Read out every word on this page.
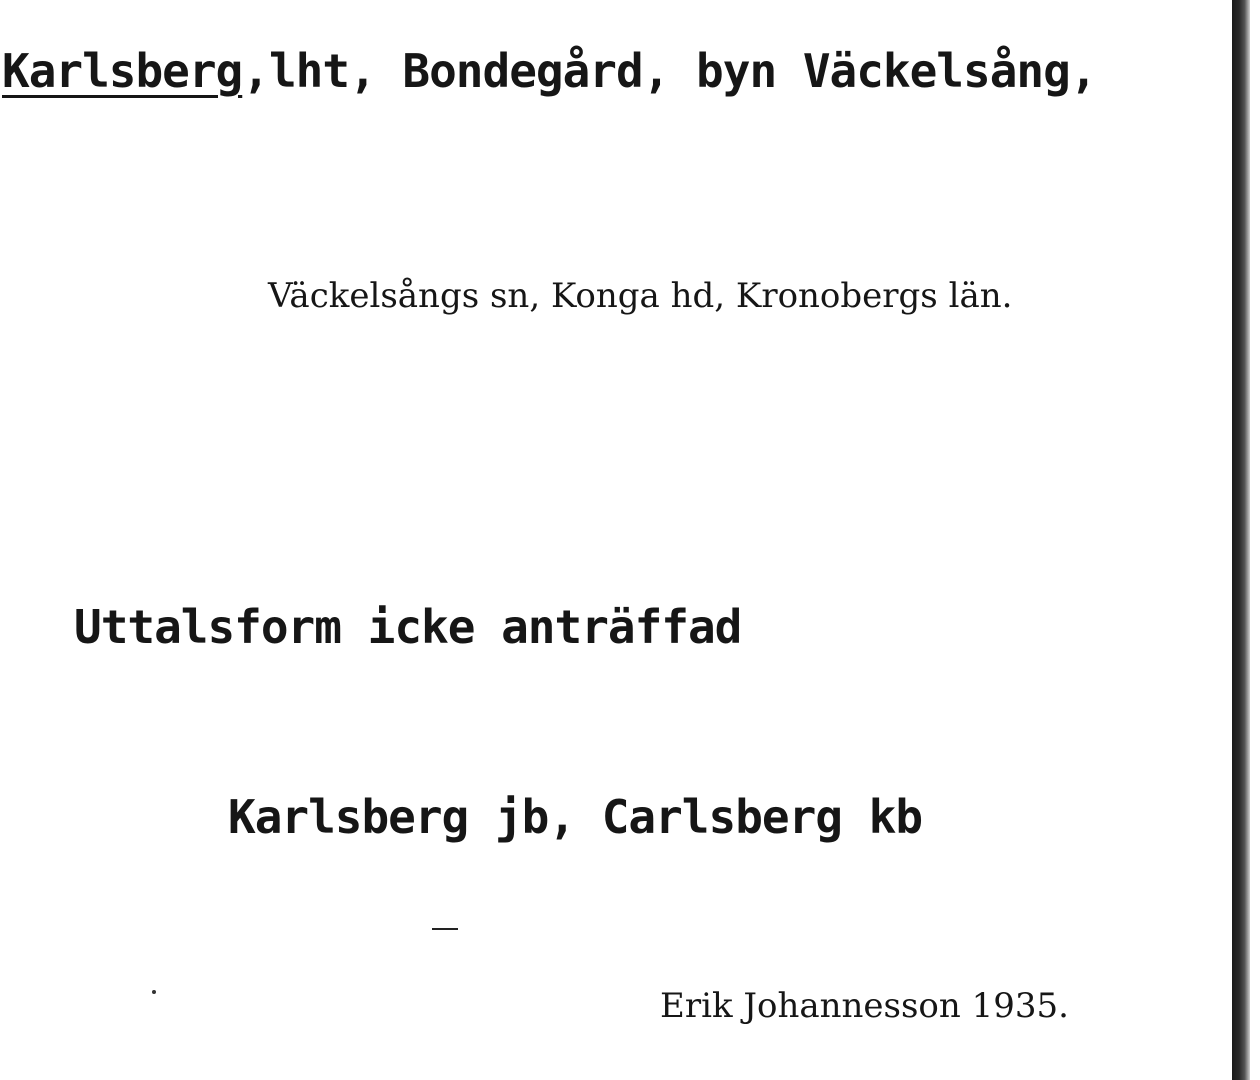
Karlsberg,lht, Bondegård, byn Väckelsång,
Väckelsångs sn, Konga hd, Kronobergs län.
Uttalsform icke anträffad
Karlsberg jb, Carlsberg kb
Erik Johannesson 1935.
